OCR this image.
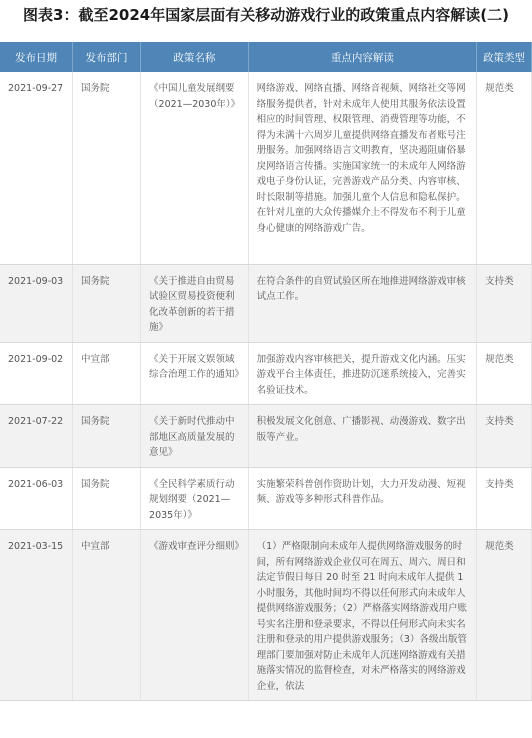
图表3：截至2024年国家层面有关移动游戏行业的政策重点内容解读(二)
发布日期	发布部门	政策名称	重点内容解读	政策类型
2021-09-27	国务院	《中国儿童发展纲要（2021—2030年）》	网络游戏、网络直播、网络音视频、网络社交等网络服务提供者，针对未成年人使用其服务依法设置相应的时间管理、权限管理、消费管理等功能，不得为未满十六周岁儿童提供网络直播发布者账号注册服务。加强网络语言文明教育，坚决遏阻庸俗暴戾网络语言传播。实施国家统一的未成年人网络游戏电子身份认证，完善游戏产品分类、内容审核、时长限制等措施。加强儿童个人信息和隐私保护。在针对儿童的大众传播媒介上不得发布不利于儿童身心健康的网络游戏广告。	规范类
2021-09-03	国务院	《关于推进自由贸易试验区贸易投资便利化改革创新的若干措施》	在符合条件的自贸试验区所在地推进网络游戏审核试点工作。	支持类
2021-09-02	中宣部	《关于开展文娱领域综合治理工作的通知》	加强游戏内容审核把关，提升游戏文化内涵。压实游戏平台主体责任，推进防沉迷系统接入，完善实名验证技术。	规范类
2021-07-22	国务院	《关于新时代推动中部地区高质量发展的意见》	积极发展文化创意、广播影视、动漫游戏、数字出版等产业。	支持类
2021-06-03	国务院	《全民科学素质行动规划纲要（2021—2035年）》	实施繁荣科普创作资助计划，大力开发动漫、短视频、游戏等多种形式科普作品。	支持类
2021-03-15	中宣部	《游戏审查评分细则》	（1）严格限制向未成年人提供网络游戏服务的时间，所有网络游戏企业仅可在周五、周六、周日和法定节假日每日 20 时至 21 时向未成年人提供 1 小时服务，其他时间均不得以任何形式向未成年人提供网络游戏服务；（2）严格落实网络游戏用户账号实名注册和登录要求，不得以任何形式向未实名注册和登录的用户提供游戏服务；（3）各级出版管理部门要加强对防止未成年人沉迷网络游戏有关措施落实情况的监督检查，对未严格落实的网络游戏企业，依法	规范类
